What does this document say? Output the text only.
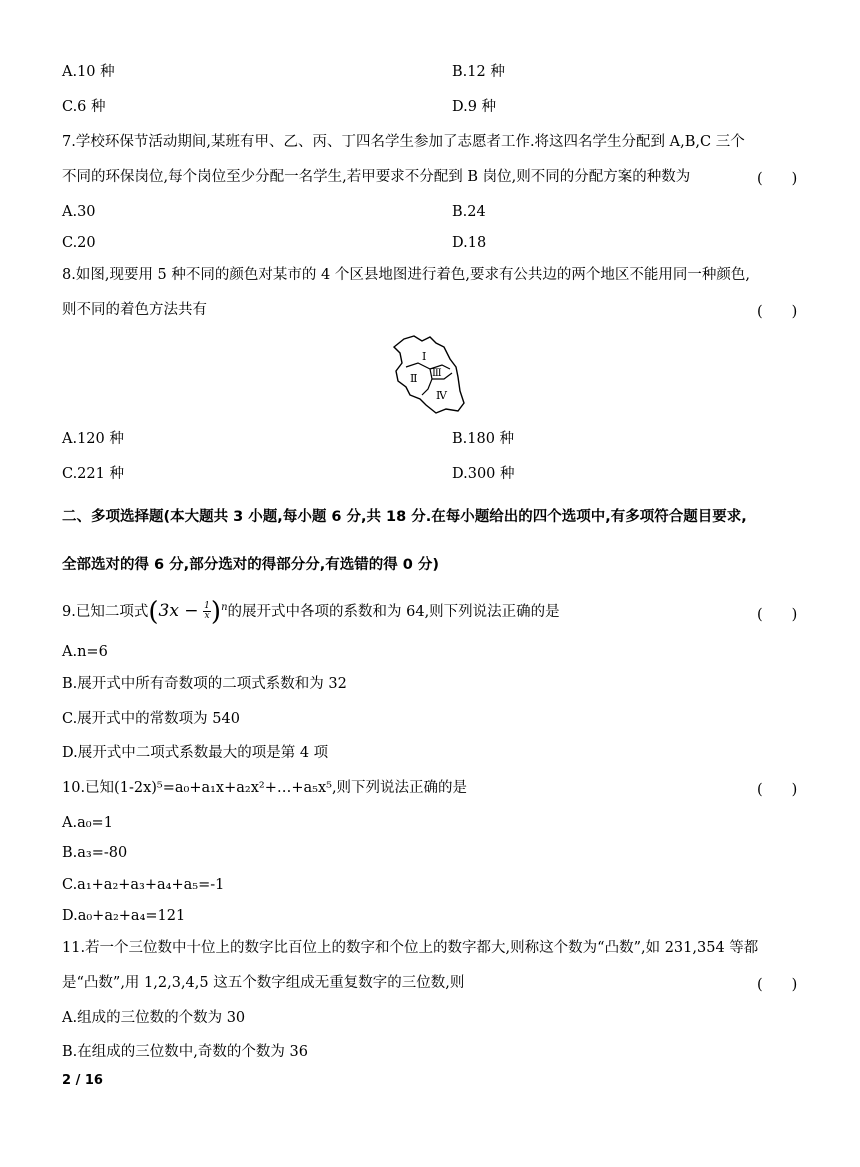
A.10 种	B.12 种
C.6 种	D.9 种
7.学校环保节活动期间,某班有甲、乙、丙、丁四名学生参加了志愿者工作.将这四名学生分配到 A,B,C 三个
不同的环保岗位,每个岗位至少分配一名学生,若甲要求不分配到 B 岗位,则不同的分配方案的种数为	(　　)
A.30	B.24
C.20	D.18
8.如图,现要用 5 种不同的颜色对某市的 4 个区县地图进行着色,要求有公共边的两个地区不能用同一种颜色,
则不同的着色方法共有	(　　)
Ⅰ
Ⅱ Ⅲ
Ⅳ
A.120 种	B.180 种
C.221 种	D.300 种
二、多项选择题(本大题共 3 小题,每小题 6 分,共 18 分.在每小题给出的四个选项中,有多项符合题目要求,
全部选对的得 6 分,部分选对的得部分分,有选错的得 0 分)
9.已知二项式$(3x - \frac{1}{x} )^n$的展开式中各项的系数和为 64,则下列说法正确的是	(　　)
A.n=6
B.展开式中所有奇数项的二项式系数和为 32
C.展开式中的常数项为 540
D.展开式中二项式系数最大的项是第 4 项
10.已知(1-2x)⁵=a₀+a₁x+a₂x²+…+a₅x⁵,则下列说法正确的是	(　　)
A.a₀=1
B.a₃=-80
C.a₁+a₂+a₃+a₄+a₅=-1
D.a₀+a₂+a₄=121
11.若一个三位数中十位上的数字比百位上的数字和个位上的数字都大,则称这个数为“凸数”,如 231,354 等都
是“凸数”,用 1,2,3,4,5 这五个数字组成无重复数字的三位数,则	(　　)
A.组成的三位数的个数为 30
B.在组成的三位数中,奇数的个数为 36
2 / 16
